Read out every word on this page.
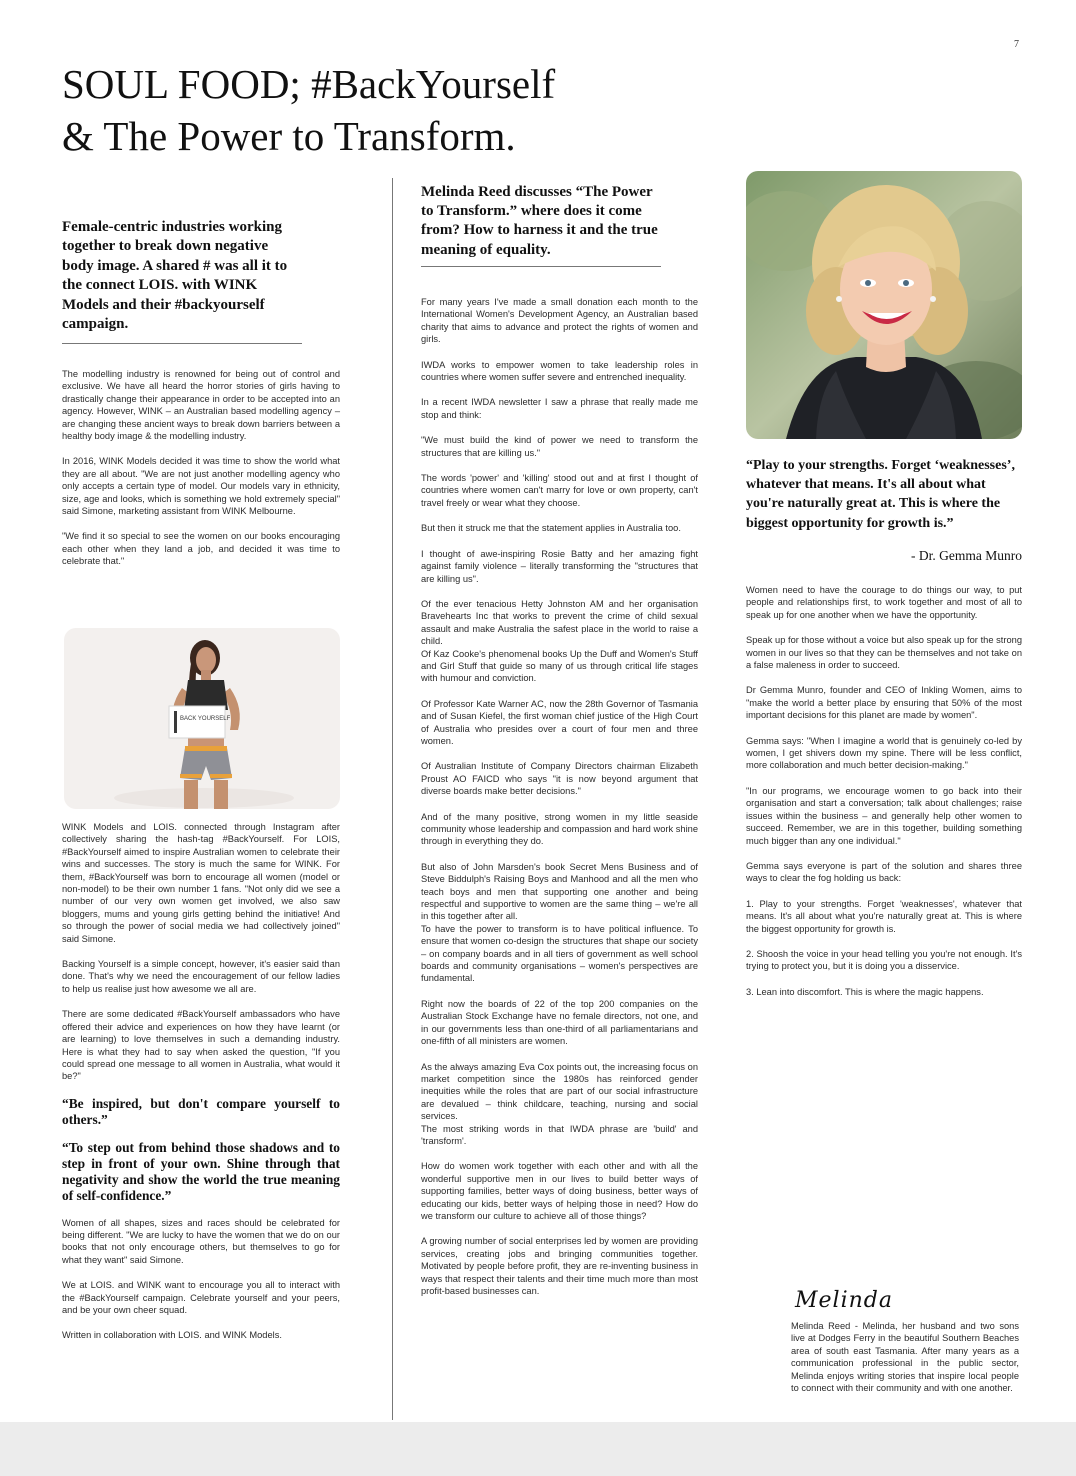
7
SOUL FOOD; #BackYourself
& The Power to Transform.

Female-centric industries working together to break down negative body image. A shared # was all it to the connect LOIS. with WINK Models and their #backyourself campaign.

The modelling industry is renowned for being out of control and exclusive. We have all heard the horror stories of girls having to drastically change their appearance in order to be accepted into an agency. However, WINK – an Australian based modelling agency – are changing these ancient ways to break down barriers between a healthy body image & the modelling industry.

In 2016, WINK Models decided it was time to show the world what they are all about. "We are not just another modelling agency who only accepts a certain type of model. Our models vary in ethnicity, size, age and looks, which is something we hold extremely special" said Simone, marketing assistant from WINK Melbourne.

"We find it so special to see the women on our books encouraging each other when they land a job, and decided it was time to celebrate that."

BACK YOURSELF

WINK Models and LOIS. connected through Instagram after collectively sharing the hash-tag #BackYourself. For LOIS, #BackYourself aimed to inspire Australian women to celebrate their wins and successes. The story is much the same for WINK. For them, #BackYourself was born to encourage all women (model or non-model) to be their own number 1 fans. "Not only did we see a number of our very own women get involved, we also saw bloggers, mums and young girls getting behind the initiative! And so through the power of social media we had collectively joined" said Simone.

Backing Yourself is a simple concept, however, it's easier said than done. That's why we need the encouragement of our fellow ladies to help us realise just how awesome we all are.

There are some dedicated #BackYourself ambassadors who have offered their advice and experiences on how they have learnt (or are learning) to love themselves in such a demanding industry. Here is what they had to say when asked the question, "If you could spread one message to all women in Australia, what would it be?"

“Be inspired, but don't compare yourself to others.”

“To step out from behind those shadows and to step in front of your own. Shine through that negativity and show the world the true meaning of self-confidence.”

Women of all shapes, sizes and races should be celebrated for being different. "We are lucky to have the women that we do on our books that not only encourage others, but themselves to go for what they want" said Simone.

We at LOIS. and WINK want to encourage you all to interact with the #BackYourself campaign. Celebrate yourself and your peers, and be your own cheer squad.

Written in collaboration with LOIS. and WINK Models.

Melinda Reed discusses “The Power to Transform.” where does it come from? How to harness it and the true meaning of equality.

For many years I've made a small donation each month to the International Women's Development Agency, an Australian based charity that aims to advance and protect the rights of women and girls.

IWDA works to empower women to take leadership roles in countries where women suffer severe and entrenched inequality.

In a recent IWDA newsletter I saw a phrase that really made me stop and think:

"We must build the kind of power we need to transform the structures that are killing us."

The words 'power' and 'killing' stood out and at first I thought of countries where women can't marry for love or own property, can't travel freely or wear what they choose.

But then it struck me that the statement applies in Australia too.

I thought of awe-inspiring Rosie Batty and her amazing fight against family violence – literally transforming the "structures that are killing us".

Of the ever tenacious Hetty Johnston AM and her organisation Bravehearts Inc that works to prevent the crime of child sexual assault and make Australia the safest place in the world to raise a child.

Of Kaz Cooke's phenomenal books Up the Duff and Women's Stuff and Girl Stuff that guide so many of us through critical life stages with humour and conviction.

Of Professor Kate Warner AC, now the 28th Governor of Tasmania and of Susan Kiefel, the first woman chief justice of the High Court of Australia who presides over a court of four men and three women.

Of Australian Institute of Company Directors chairman Elizabeth Proust AO FAICD who says "it is now beyond argument that diverse boards make better decisions."

And of the many positive, strong women in my little seaside community whose leadership and compassion and hard work shine through in everything they do.

But also of John Marsden's book Secret Mens Business and of Steve Biddulph's Raising Boys and Manhood and all the men who teach boys and men that supporting one another and being respectful and supportive to women are the same thing – we're all in this together after all.

To have the power to transform is to have political influence. To ensure that women co-design the structures that shape our society – on company boards and in all tiers of government as well school boards and community organisations – women's perspectives are fundamental.

Right now the boards of 22 of the top 200 companies on the Australian Stock Exchange have no female directors, not one, and in our governments less than one-third of all parliamentarians and one-fifth of all ministers are women.

As the always amazing Eva Cox points out, the increasing focus on market competition since the 1980s has reinforced gender inequities while the roles that are part of our social infrastructure are devalued – think childcare, teaching, nursing and social services.

The most striking words in that IWDA phrase are 'build' and 'transform'.

How do women work together with each other and with all the wonderful supportive men in our lives to build better ways of supporting families, better ways of doing business, better ways of educating our kids, better ways of helping those in need? How do we transform our culture to achieve all of those things?

A growing number of social enterprises led by women are providing services, creating jobs and bringing communities together. Motivated by people before profit, they are re-inventing business in ways that respect their talents and their time much more than most profit-based businesses can.

“Play to your strengths. Forget ‘weaknesses’, whatever that means. It's all about what you're naturally great at. This is where the biggest opportunity for growth is.”

- Dr. Gemma Munro

Women need to have the courage to do things our way, to put people and relationships first, to work together and most of all to speak up for one another when we have the opportunity.

Speak up for those without a voice but also speak up for the strong women in our lives so that they can be themselves and not take on a false maleness in order to succeed.

Dr Gemma Munro, founder and CEO of Inkling Women, aims to "make the world a better place by ensuring that 50% of the most important decisions for this planet are made by women".

Gemma says: "When I imagine a world that is genuinely co-led by women, I get shivers down my spine. There will be less conflict, more collaboration and much better decision-making."

"In our programs, we encourage women to go back into their organisation and start a conversation; talk about challenges; raise issues within the business – and generally help other women to succeed. Remember, we are in this together, building something much bigger than any one individual."

Gemma says everyone is part of the solution and shares three ways to clear the fog holding us back:

1. Play to your strengths. Forget 'weaknesses', whatever that means. It's all about what you're naturally great at. This is where the biggest opportunity for growth is.

2. Shoosh the voice in your head telling you you're not enough. It's trying to protect you, but it is doing you a disservice.

3. Lean into discomfort. This is where the magic happens.

Melinda

Melinda Reed - Melinda, her husband and two sons live at Dodges Ferry in the beautiful Southern Beaches area of south east Tasmania. After many years as a communication professional in the public sector, Melinda enjoys writing stories that inspire local people to connect with their community and with one another.
